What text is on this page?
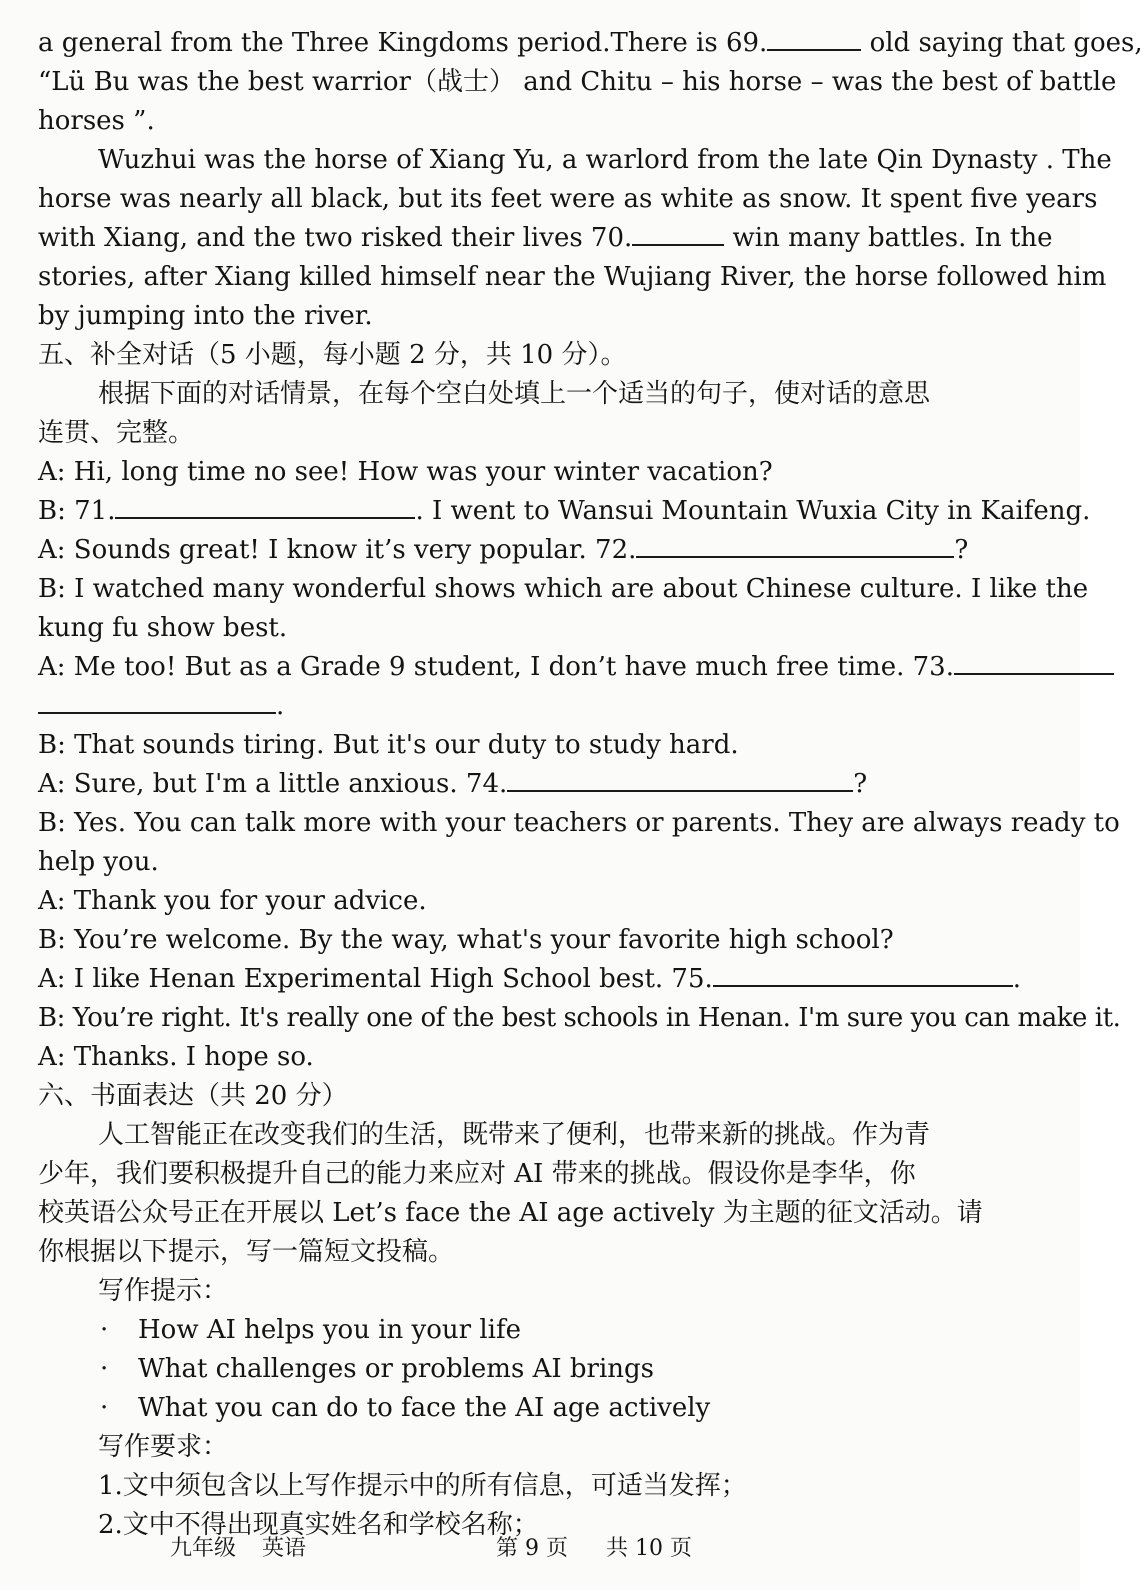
a general from the Three Kingdoms period.There is 69.	old saying that goes,
“Lü Bu was the best warrior（战士） and Chitu – his horse – was the best of battle
horses ”.
Wuzhui was the horse of Xiang Yu, a warlord from the late Qin Dynasty . The
horse was nearly all black, but its feet were as white as snow. It spent five years
with Xiang, and the two risked their lives 70.	win many battles. In the
stories, after Xiang killed himself near the Wujiang River, the horse followed him
by jumping into the river.
五、补全对话（5 小题，每小题 2 分，共 10 分）。
根据下面的对话情景，在每个空白处填上一个适当的句子，使对话的意思
连贯、完整。
A: Hi, long time no see! How was your winter vacation?
B: 71.	. I went to Wansui Mountain Wuxia City in Kaifeng.
A: Sounds great! I know it’s very popular. 72.	?
B: I watched many wonderful shows which are about Chinese culture. I like the
kung fu show best.
A: Me too! But as a Grade 9 student, I don’t have much free time. 73.
.
B: That sounds tiring. But it's our duty to study hard.
A: Sure, but I'm a little anxious. 74.	?
B: Yes. You can talk more with your teachers or parents. They are always ready to
help you.
A: Thank you for your advice.
B: You’re welcome. By the way, what's your favorite high school?
A: I like Henan Experimental High School best. 75.	.
B: You’re right. It's really one of the best schools in Henan. I'm sure you can make it.
A: Thanks. I hope so.
六、书面表达（共 20 分）
人工智能正在改变我们的生活，既带来了便利，也带来新的挑战。作为青
少年，我们要积极提升自己的能力来应对 AI 带来的挑战。假设你是李华，你
校英语公众号正在开展以 Let’s face the AI age actively 为主题的征文活动。请
你根据以下提示，写一篇短文投稿。
写作提示：
· How AI helps you in your life
· What challenges or problems AI brings
· What you can do to face the AI age actively
写作要求：
1.文中须包含以上写作提示中的所有信息，可适当发挥；
2.文中不得出现真实姓名和学校名称；
九年级 英语	第 9 页 共 10 页
